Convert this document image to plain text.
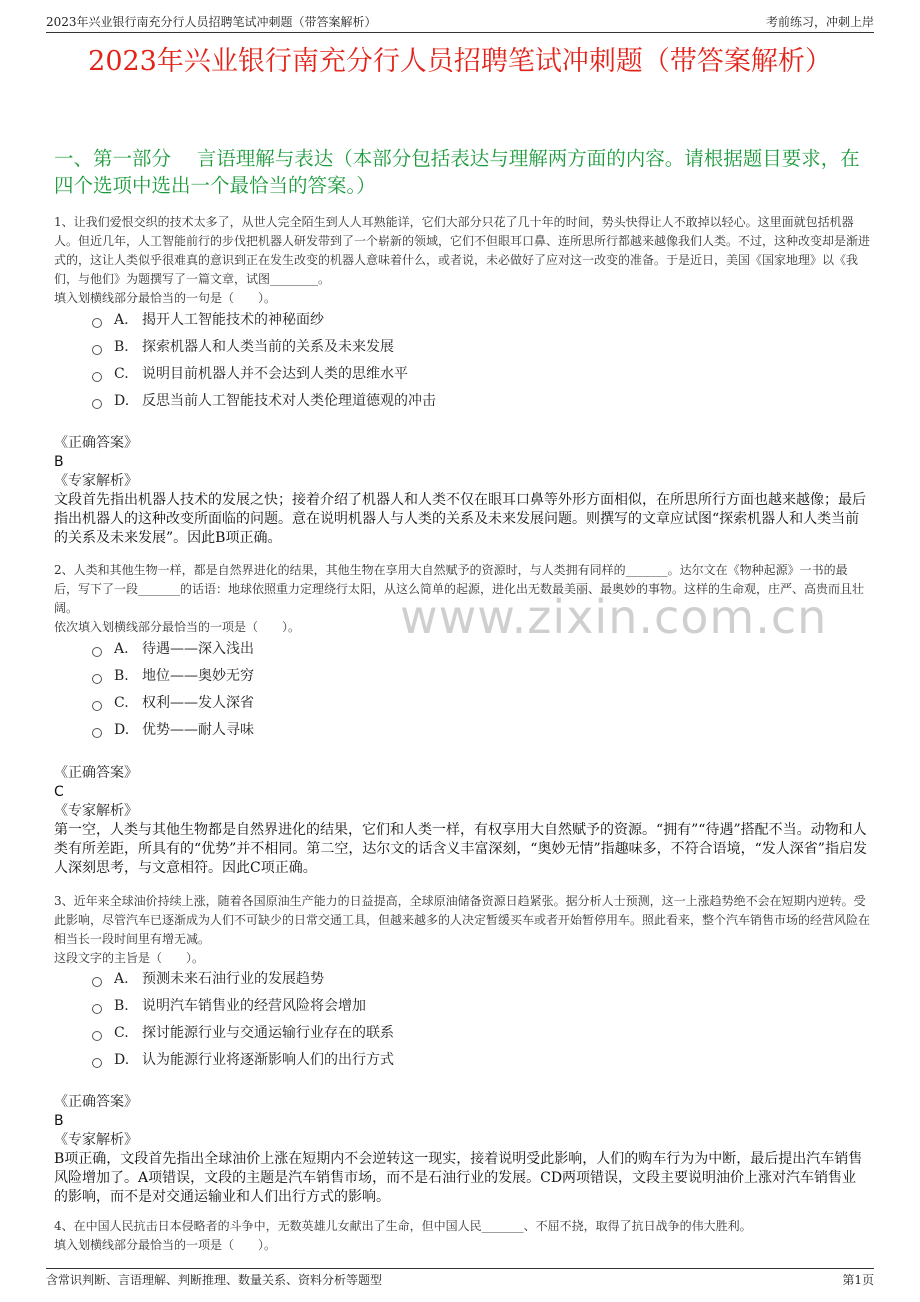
2023年兴业银行南充分行人员招聘笔试冲刺题（带答案解析）	考前练习，冲刺上岸
2023年兴业银行南充分行人员招聘笔试冲刺题（带答案解析）
一、第一部分　 言语理解与表达（本部分包括表达与理解两方面的内容。请根据题目要求，在四个选项中选出一个最恰当的答案。）
www.zixin.com.cn
1、让我们爱恨交织的技术太多了，从世人完全陌生到人人耳熟能详，它们大部分只花了几十年的时间，势头快得让人不敢掉以轻心。这里面就包括机器人。但近几年，人工智能前行的步伐把机器人研发带到了一个崭新的领域，它们不但眼耳口鼻、连所思所行都越来越像我们人类。不过，这种改变却是渐进式的，这让人类似乎很难真的意识到正在发生改变的机器人意味着什么，或者说，未必做好了应对这一改变的准备。于是近日，美国《国家地理》以《我们，与他们》为题撰写了一篇文章，试图________。
填入划横线部分最恰当的一句是（　　）。
A. 揭开人工智能技术的神秘面纱
B. 探索机器人和人类当前的关系及未来发展
C. 说明目前机器人并不会达到人类的思维水平
D. 反思当前人工智能技术对人类伦理道德观的冲击
《正确答案》
B
《专家解析》
文段首先指出机器人技术的发展之快；接着介绍了机器人和人类不仅在眼耳口鼻等外形方面相似，在所思所行方面也越来越像；最后指出机器人的这种改变所面临的问题。意在说明机器人与人类的关系及未来发展问题。则撰写的文章应试图“探索机器人和人类当前的关系及未来发展”。因此B项正确。
2、人类和其他生物一样，都是自然界进化的结果，其他生物在享用大自然赋予的资源时，与人类拥有同样的_______。达尔文在《物种起源》一书的最后，写下了一段_______的话语：地球依照重力定理绕行太阳，从这么简单的起源，进化出无数最美丽、最奥妙的事物。这样的生命观，庄严、高贵而且壮阔。
依次填入划横线部分最恰当的一项是（　　）。
A. 待遇——深入浅出
B. 地位——奥妙无穷
C. 权利——发人深省
D. 优势——耐人寻味
《正确答案》
C
《专家解析》
第一空，人类与其他生物都是自然界进化的结果，它们和人类一样，有权享用大自然赋予的资源。“拥有”“待遇”搭配不当。动物和人类有所差距，所具有的“优势”并不相同。第二空，达尔文的话含义丰富深刻，“奥妙无情”指趣味多，不符合语境，“发人深省”指启发人深刻思考，与文意相符。因此C项正确。
3、近年来全球油价持续上涨，随着各国原油生产能力的日益提高，全球原油储备资源日趋紧张。据分析人士预测，这一上涨趋势绝不会在短期内逆转。受此影响，尽管汽车已逐渐成为人们不可缺少的日常交通工具，但越来越多的人决定暂缓买车或者开始暂停用车。照此看来，整个汽车销售市场的经营风险在相当长一段时间里有增无减。
这段文字的主旨是（　　）。
A. 预测未来石油行业的发展趋势
B. 说明汽车销售业的经营风险将会增加
C. 探讨能源行业与交通运输行业存在的联系
D. 认为能源行业将逐渐影响人们的出行方式
《正确答案》
B
《专家解析》
B项正确，文段首先指出全球油价上涨在短期内不会逆转这一现实，接着说明受此影响，人们的购车行为为中断，最后提出汽车销售风险增加了。A项错误，文段的主题是汽车销售市场，而不是石油行业的发展。CD两项错误，文段主要说明油价上涨对汽车销售业的影响，而不是对交通运输业和人们出行方式的影响。
4、在中国人民抗击日本侵略者的斗争中，无数英雄儿女献出了生命，但中国人民_______、不屈不挠，取得了抗日战争的伟大胜利。
填入划横线部分最恰当的一项是（　　）。
含常识判断、言语理解、判断推理、数量关系、资料分析等题型	第1页
